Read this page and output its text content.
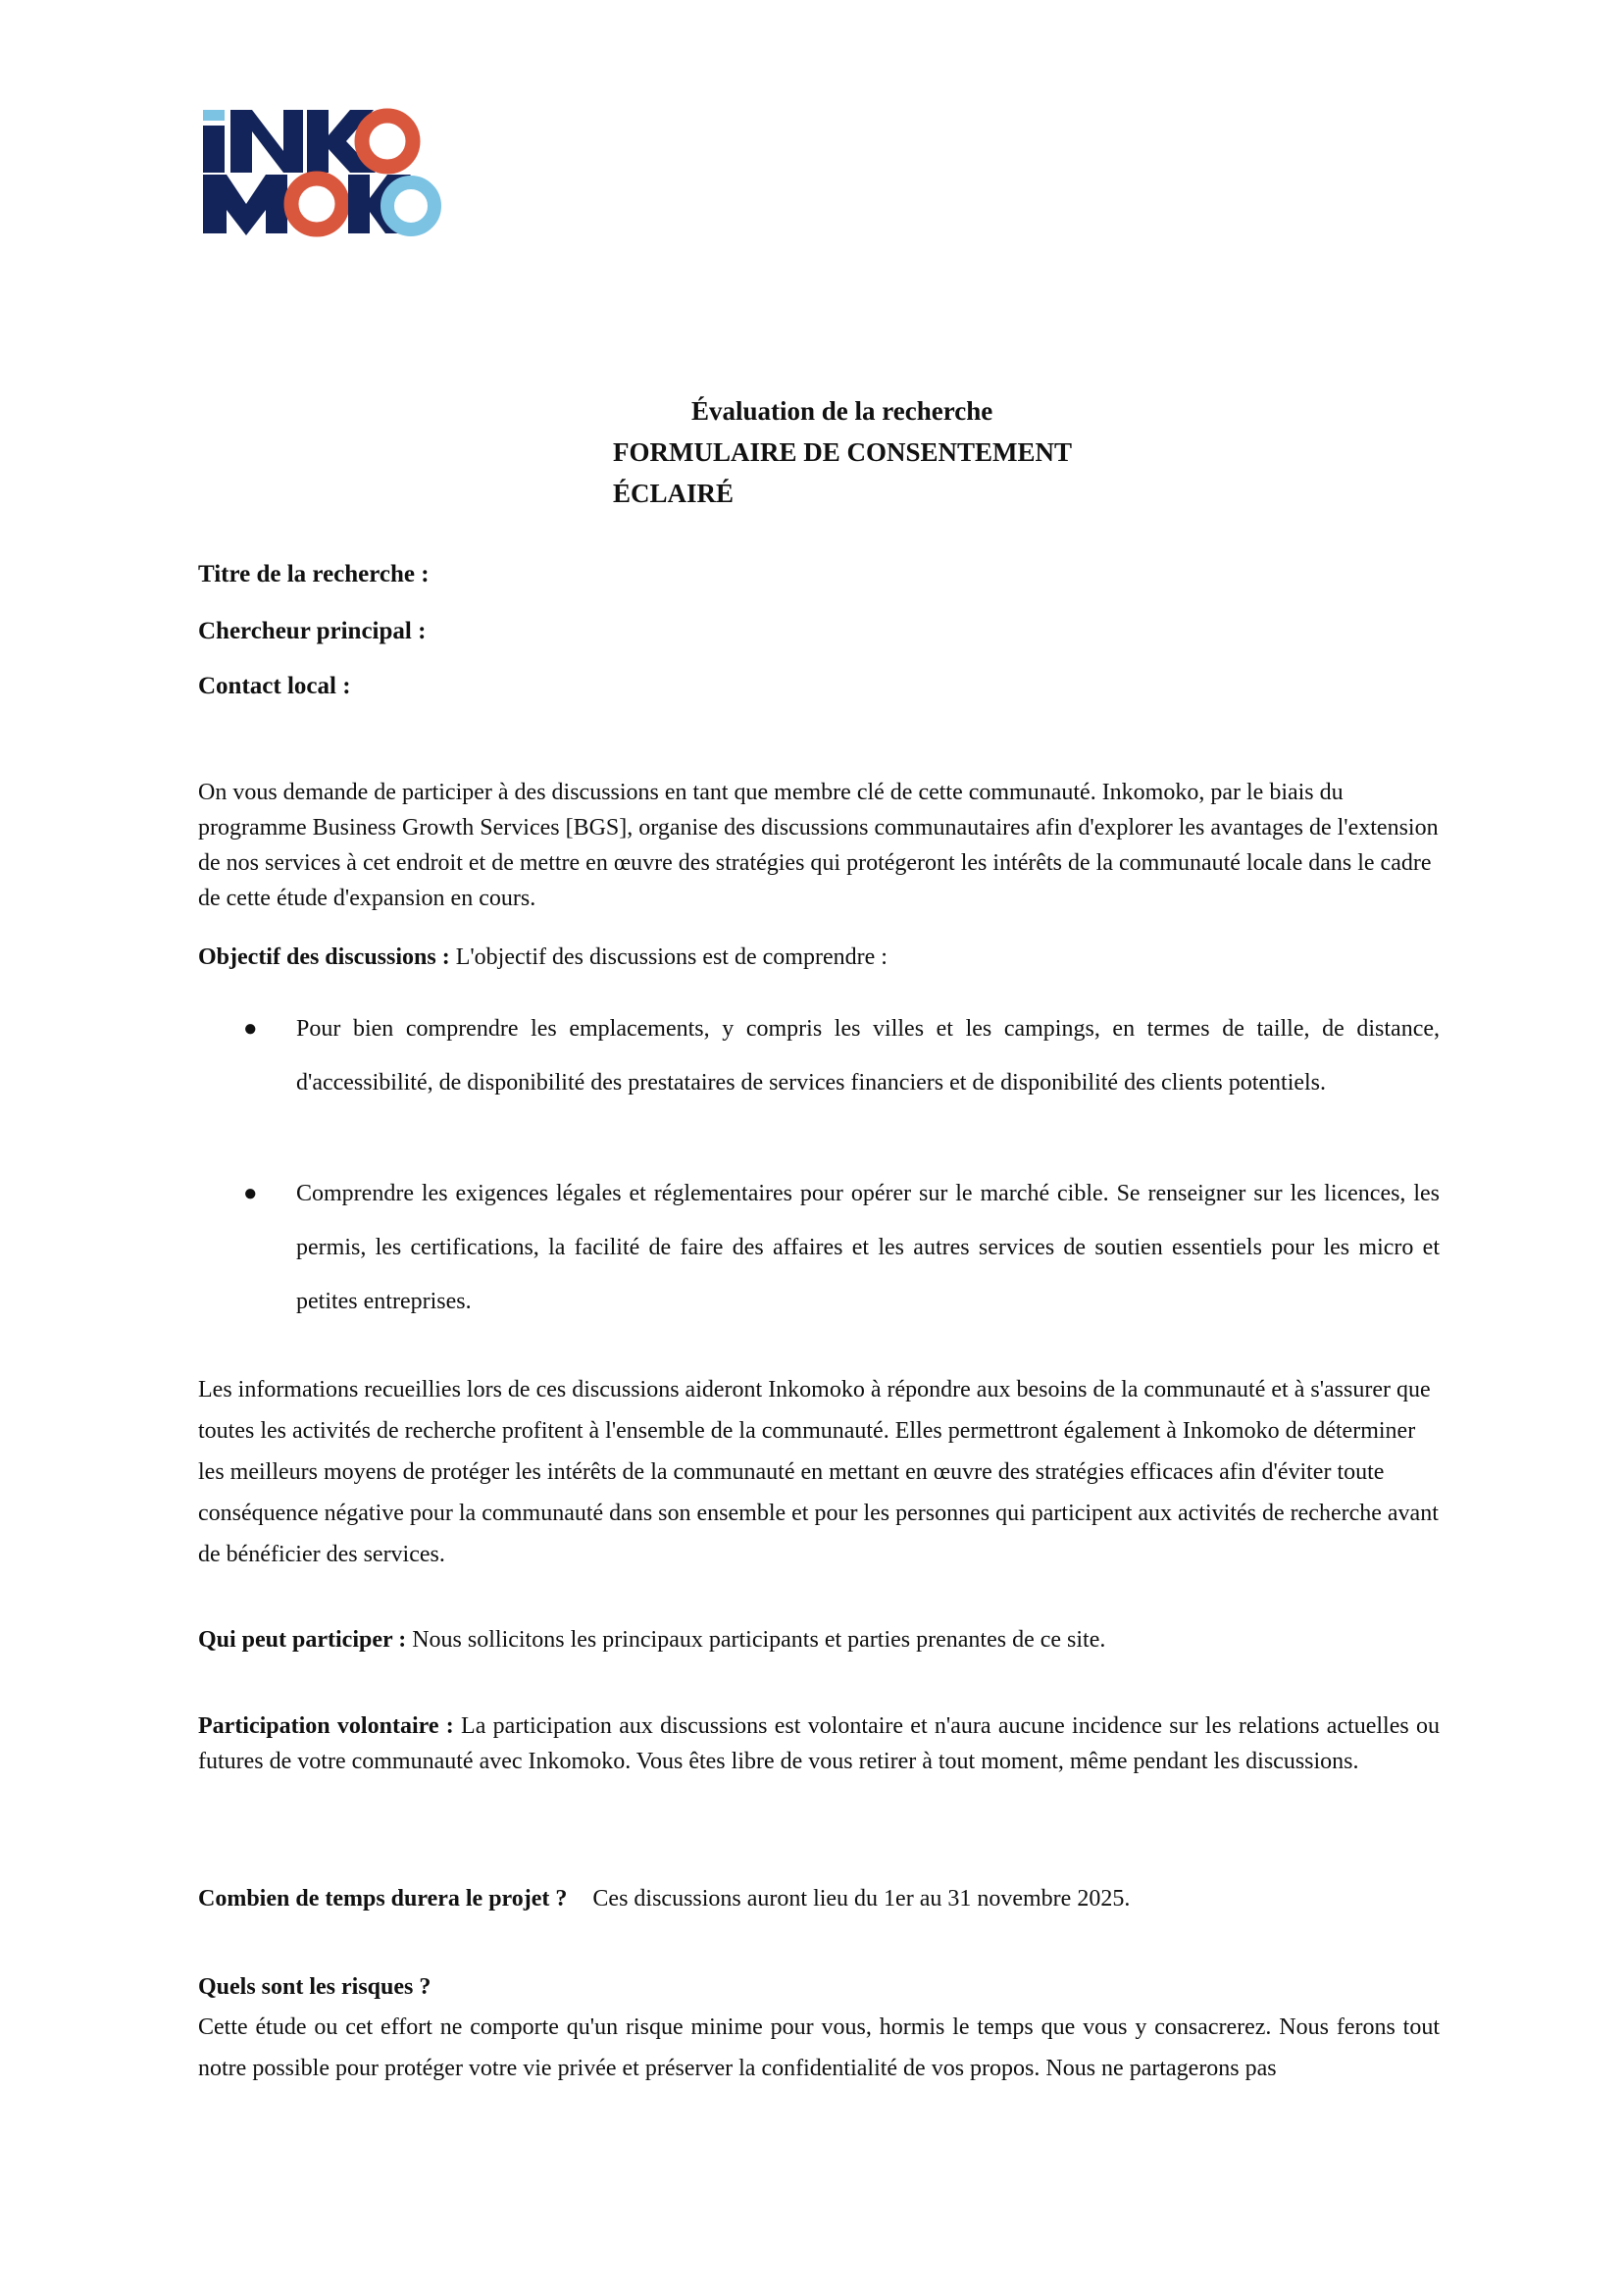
Évaluation de la recherche
FORMULAIRE DE CONSENTEMENT
ÉCLAIRÉ
Titre de la recherche :
Chercheur principal :
Contact local :
On vous demande de participer à des discussions en tant que membre clé de cette communauté. Inkomoko, par le biais du programme Business Growth Services [BGS], organise des discussions communautaires afin d'explorer les avantages de l'extension de nos services à cet endroit et de mettre en œuvre des stratégies qui protégeront les intérêts de la communauté locale dans le cadre de cette étude d'expansion en cours.
Objectif des discussions : L'objectif des discussions est de comprendre :
● Pour bien comprendre les emplacements, y compris les villes et les campings, en termes de taille, de distance, d'accessibilité, de disponibilité des prestataires de services financiers et de disponibilité des clients potentiels.
● Comprendre les exigences légales et réglementaires pour opérer sur le marché cible. Se renseigner sur les licences, les permis, les certifications, la facilité de faire des affaires et les autres services de soutien essentiels pour les micro et petites entreprises.
Les informations recueillies lors de ces discussions aideront Inkomoko à répondre aux besoins de la communauté et à s'assurer que toutes les activités de recherche profitent à l'ensemble de la communauté. Elles permettront également à Inkomoko de déterminer les meilleurs moyens de protéger les intérêts de la communauté en mettant en œuvre des stratégies efficaces afin d'éviter toute conséquence négative pour la communauté dans son ensemble et pour les personnes qui participent aux activités de recherche avant de bénéficier des services.
Qui peut participer : Nous sollicitons les principaux participants et parties prenantes de ce site.
Participation volontaire : La participation aux discussions est volontaire et n'aura aucune incidence sur les relations actuelles ou futures de votre communauté avec Inkomoko. Vous êtes libre de vous retirer à tout moment, même pendant les discussions.
Combien de temps durera le projet ? Ces discussions auront lieu du 1er au 31 novembre 2025.
Quels sont les risques ?
Cette étude ou cet effort ne comporte qu'un risque minime pour vous, hormis le temps que vous y consacrerez. Nous ferons tout notre possible pour protéger votre vie privée et préserver la confidentialité de vos propos. Nous ne partagerons pas
